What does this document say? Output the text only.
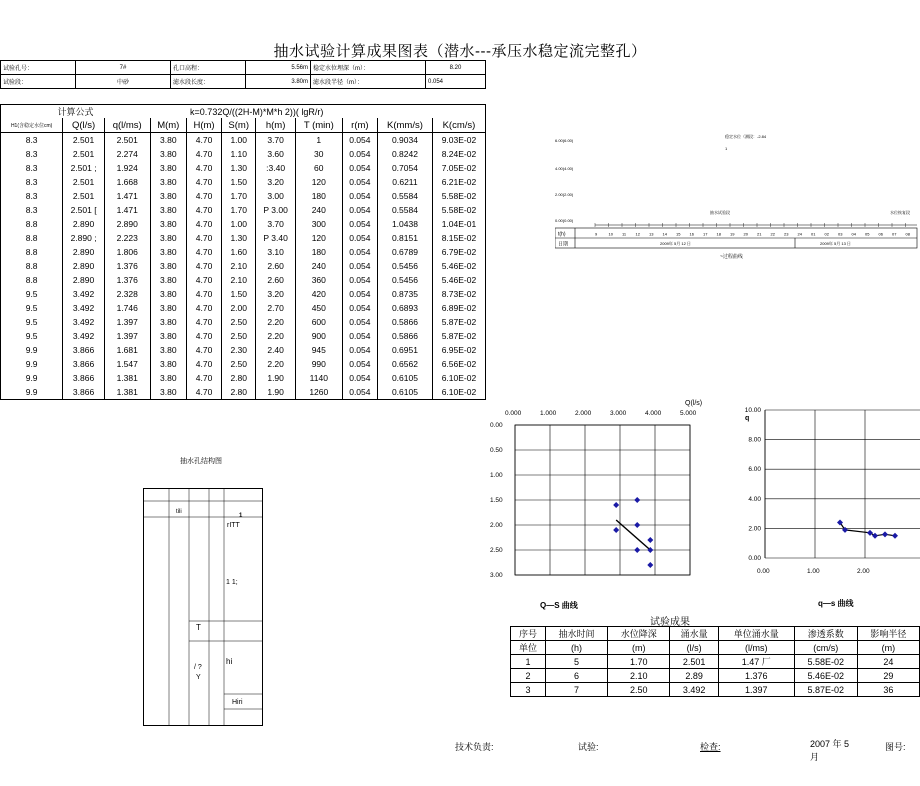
抽水试验计算成果图表（潜水---承压水稳定流完整孔）
试验孔号：	7#	孔口高程：	5.56m	稳定水位埋深（m）：	8.20
试验段：	中砂	滤水段长度：	3.80m	滤水段半径（m）：	0.054
计算公式			k=0.732Q/((2H-M)*M*h 2))( lgR/r)							
H1(含稳定水位cm)	Q(l/s)	q(l/ms)	M(m)	H(m)	S(m)	h(m)	T (min)	r(m)	K(mm/s)	K(cm/s)
8.3	2.501	2.501	3.80	4.70	1.00	3.70	1	0.054	0.9034	9.03E-02
8.3	2.501	2.274	3.80	4.70	1.10	3.60	30	0.054	0.8242	8.24E-02
8.3	2.501 ;	1.924	3.80	4.70	1.30	:3.40	60	0.054	0.7054	7.05E-02
8.3	2.501	1.668	3.80	4.70	1.50	3.20	120	0.054	0.6211	6.21E-02
8.3	2.501	1.471	3.80	4.70	1.70	3.00	180	0.054	0.5584	5.58E-02
8.3	2.501 [	1.471	3.80	4.70	1.70	P 3.00	240	0.054	0.5584	5.58E-02
8.8	2.890	2.890	3.80	4.70	1.00	3.70	300	0.054	1.0438	1.04E-01
8.8	2.890 ;	2.223	3.80	4.70	1.30	P 3.40	120	0.054	0.8151	8.15E-02
8.8	2.890	1.806	3.80	4.70	1.60	3.10	180	0.054	0.6789	6.79E-02
8.8	2.890	1.376	3.80	4.70	2.10	2.60	240	0.054	0.5456	5.46E-02
8.8	2.890	1.376	3.80	4.70	2.10	2.60	360	0.054	0.5456	5.46E-02
9.5	3.492	2.328	3.80	4.70	1.50	3.20	420	0.054	0.8735	8.73E-02
9.5	3.492	1.746	3.80	4.70	2.00	2.70	450	0.054	0.6893	6.89E-02
9.5	3.492	1.397	3.80	4.70	2.50	2.20	600	0.054	0.5866	5.87E-02
9.5	3.492	1.397	3.80	4.70	2.50	2.20	900	0.054	0.5866	5.87E-02
9.9	3.866	1.681	3.80	4.70	2.30	2.40	945	0.054	0.6951	6.95E-02
9.9	3.866	1.547	3.80	4.70	2.50	2.20	990	0.054	0.6562	6.56E-02
9.9	3.866	1.381	3.80	4.70	2.80	1.90	1140	0.054	0.6105	6.10E-02
9.9	3.866	1.381	3.80	4.70	2.80	1.90	1260	0.054	0.6105	6.10E-02
6.00(6.00)
4.00(4.00)
2.00(2.00)
0.00(0.00)
稳定水位（测段：-2.84
1
抽水试验段	水位恢复段
t(h)
日期
9	10 11 12 13 14 15 16 17 18 19 20 21 22 23 24 01 02 03 04 05 06 07 08
2009年 5月 12 日	2009年 5月 13 日
~过程曲线
0.000	1.000	2.000	3.000	4.000	5.000
0.00
0.50
1.00
1.50
2.00
2.50
3.00
Q(l/s)
Q—S 曲线
10.00
8.00
6.00
4.00
2.00
0.00
0.00	1.00	2.00
q
q—s 曲线
抽水孔结构图
tili
rITT
1 1;
T
hi
/ ?
Y
Hiri
1
试验成果
序号	抽水时间	水位降深	涌水量	单位涌水量	渗透系数	影响半径
单位	(h)	(m)	(l/s)	(l/ms)	(cm/s)	(m)
1	5	1.70	2.501	1.47 厂	5.58E-02	24
2	6	2.10	2.89	1.376	5.46E-02	29
3	7	2.50	3.492	1.397	5.87E-02	36
技术负责:	试验:	检查:	2007 年 5 月
图号:
